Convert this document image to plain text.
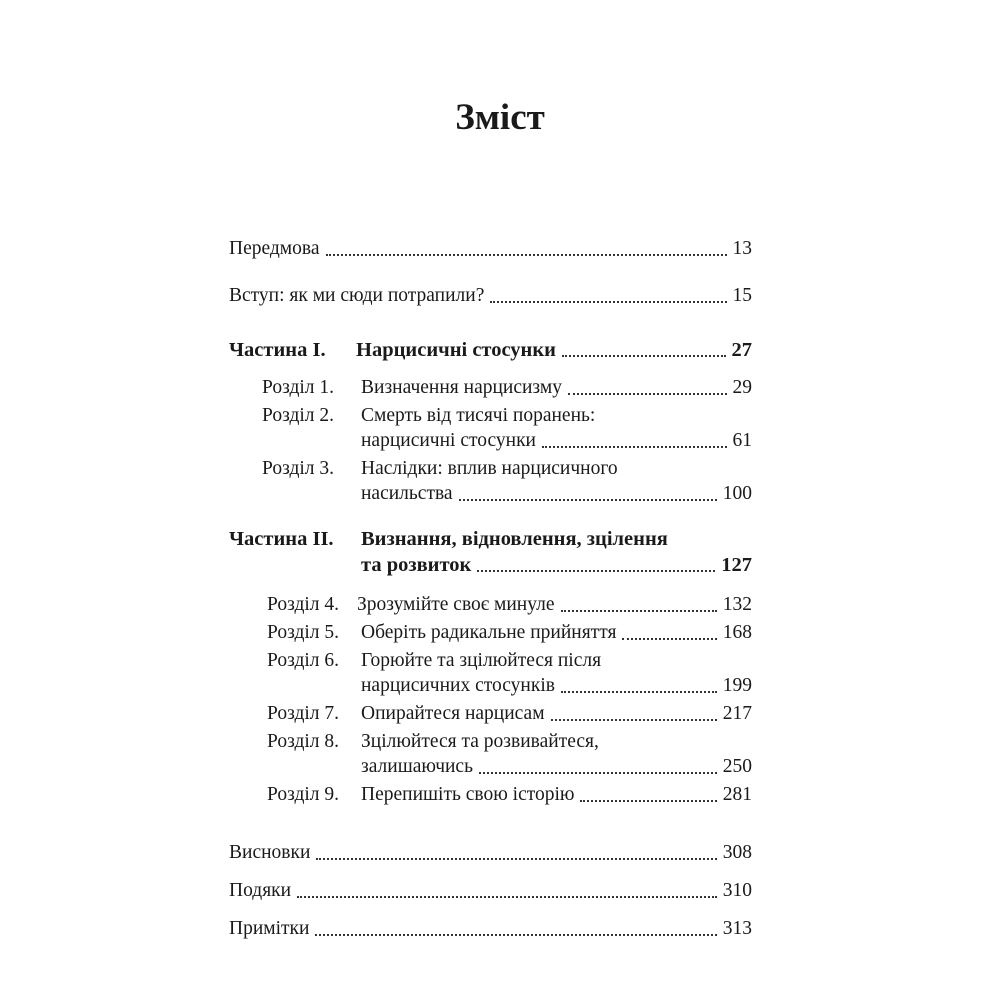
Зміст
Передмова	13
Вступ: як ми сюди потрапили?	15
Частина I. Нарцисичні стосунки	27
Розділ 1. Визначення нарцисизму	29
Розділ 2. Смерть від тисячі поранень:
нарцисичні стосунки	61
Розділ 3. Наслідки: вплив нарцисичного
насильства	100
Частина II. Визнання, відновлення, зцілення
та розвиток	127
Розділ 4. Зрозумійте своє минуле	132
Розділ 5. Оберіть радикальне прийняття	168
Розділ 6. Горюйте та зцілюйтеся після
нарцисичних стосунків	199
Розділ 7. Опирайтеся нарцисам	217
Розділ 8. Зцілюйтеся та розвивайтеся,
залишаючись	250
Розділ 9. Перепишіть свою історію	281
Висновки	308
Подяки	310
Примітки	313
